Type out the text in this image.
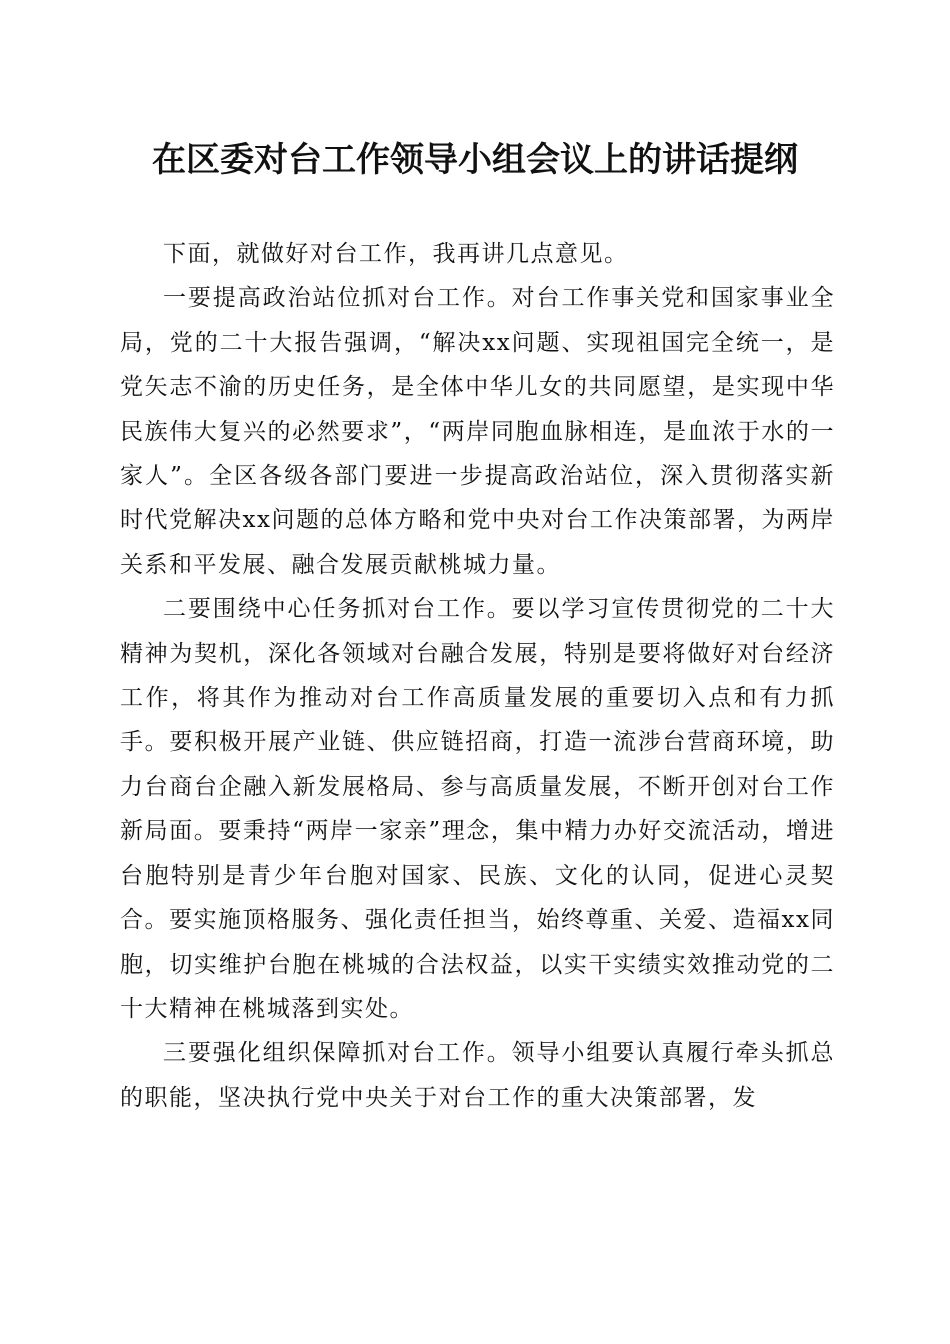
在区委对台工作领导小组会议上的讲话提纲

下面，就做好对台工作，我再讲几点意见。

一要提高政治站位抓对台工作。对台工作事关党和国家事业全局，党的二十大报告强调，“解决xx问题、实现祖国完全统一，是党矢志不渝的历史任务，是全体中华儿女的共同愿望，是实现中华民族伟大复兴的必然要求”，“两岸同胞血脉相连，是血浓于水的一家人”。全区各级各部门要进一步提高政治站位，深入贯彻落实新时代党解决xx问题的总体方略和党中央对台工作决策部署，为两岸关系和平发展、融合发展贡献桃城力量。

二要围绕中心任务抓对台工作。要以学习宣传贯彻党的二十大精神为契机，深化各领域对台融合发展，特别是要将做好对台经济工作，将其作为推动对台工作高质量发展的重要切入点和有力抓手。要积极开展产业链、供应链招商，打造一流涉台营商环境，助力台商台企融入新发展格局、参与高质量发展，不断开创对台工作新局面。要秉持“两岸一家亲”理念，集中精力办好交流活动，增进台胞特别是青少年台胞对国家、民族、文化的认同，促进心灵契合。要实施顶格服务、强化责任担当，始终尊重、关爱、造福xx同胞，切实维护台胞在桃城的合法权益，以实干实绩实效推动党的二十大精神在桃城落到实处。

三要强化组织保障抓对台工作。领导小组要认真履行牵头抓总的职能，坚决执行党中央关于对台工作的重大决策部署，发
